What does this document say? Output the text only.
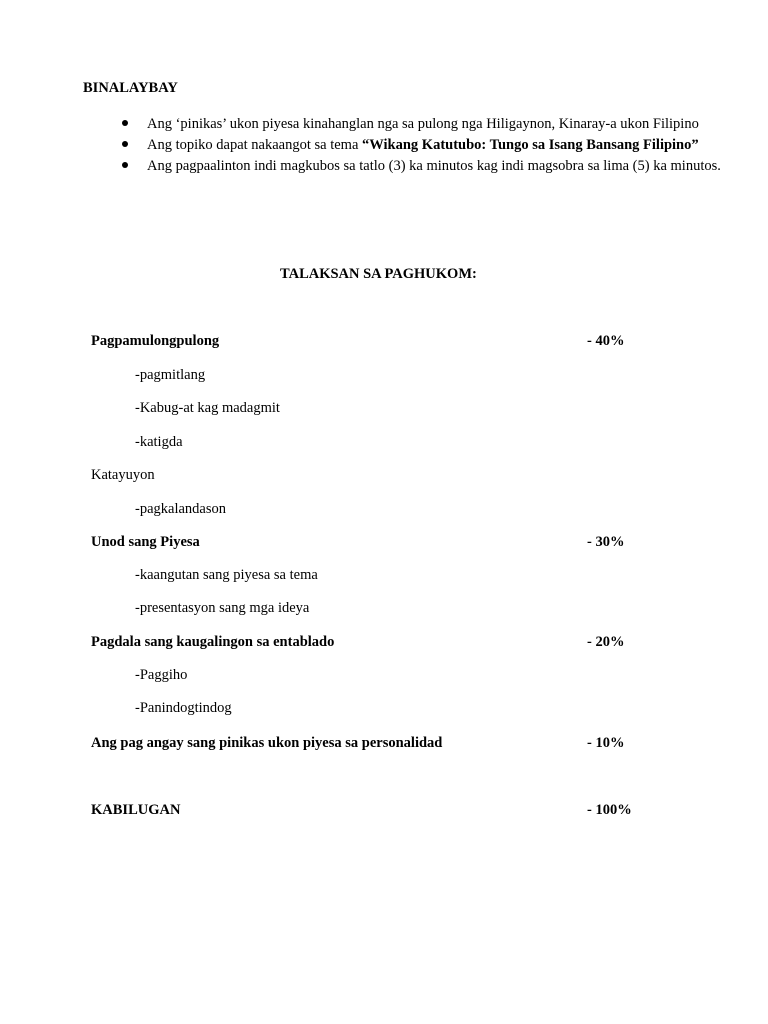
BINALAYBAY
Ang ‘pinikas’ ukon piyesa kinahanglan nga sa pulong nga Hiligaynon, Kinaray-a ukon Filipino
Ang topiko dapat nakaangot sa tema “Wikang Katutubo: Tungo sa Isang Bansang Filipino”
Ang pagpaalinton indi magkubos sa tatlo (3) ka minutos kag indi magsobra sa lima (5) ka minutos.
TALAKSAN SA PAGHUKOM:
Pagpamulongpulong	- 40%
-pagmitlang
-Kabug-at kag madagmit
-katigda
Katayuyon
-pagkalandason
Unod sang Piyesa	- 30%
-kaangutan sang piyesa sa tema
-presentasyon sang mga ideya
Pagdala sang kaugalingon sa entablado	- 20%
-Paggiho
-Panindogtindog
Ang pag angay sang pinikas ukon piyesa sa personalidad	- 10%
KABILUGAN	- 100%
